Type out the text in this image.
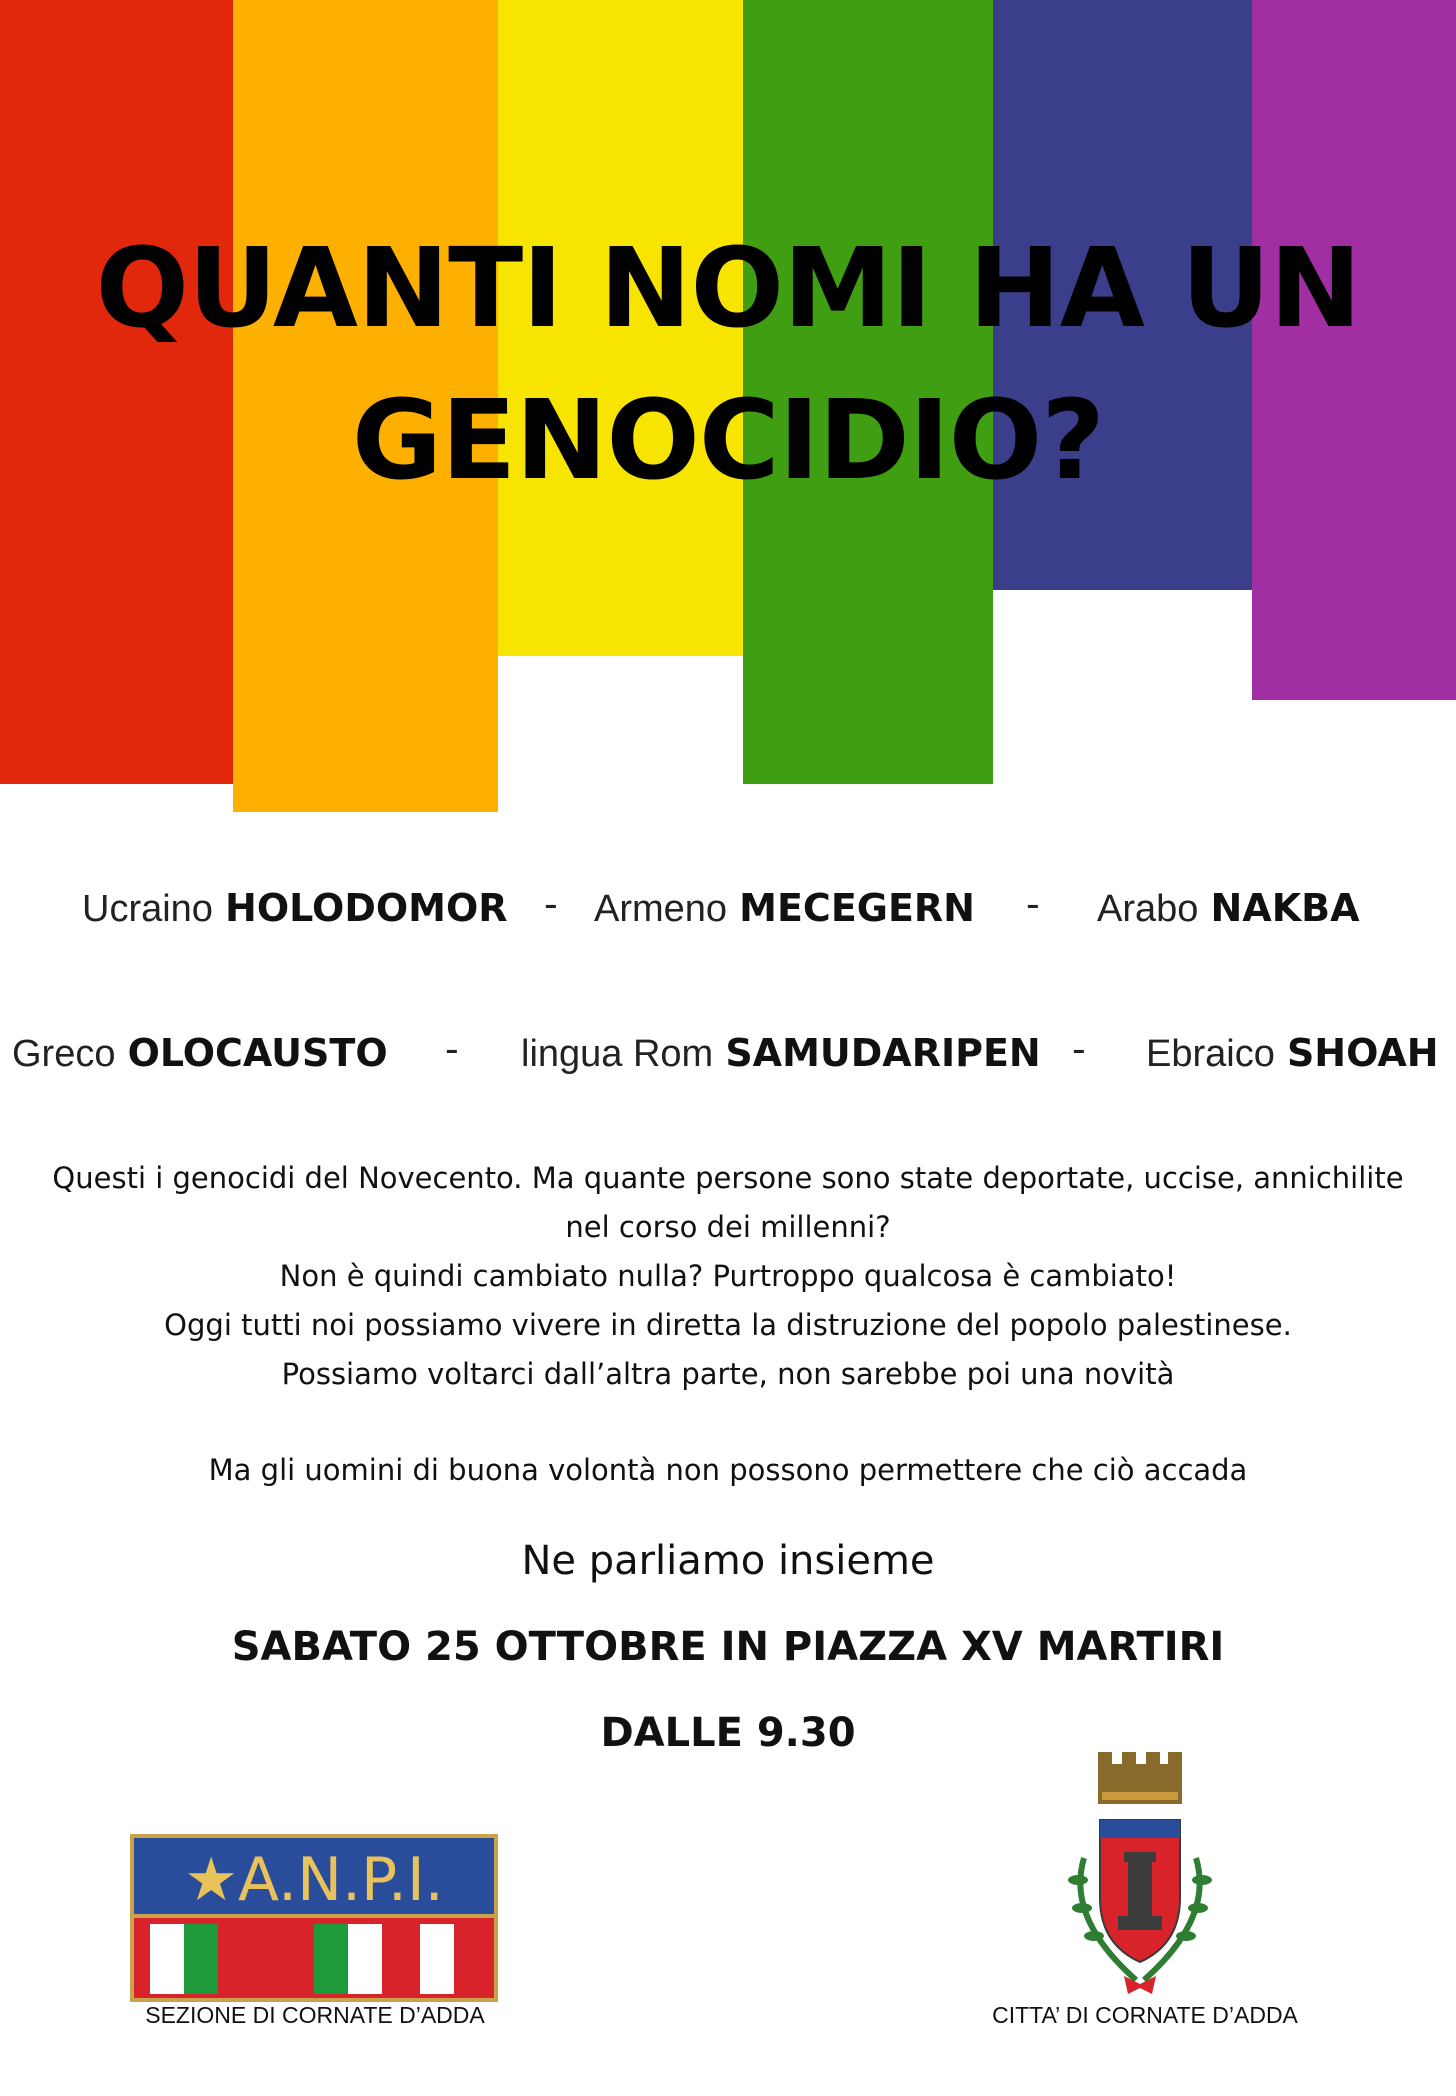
QUANTI NOMI HA UN
GENOCIDIO?
Ucraino HOLODOMOR - Armeno MECEGERN - Arabo NAKBA
Greco OLOCAUSTO - lingua Rom SAMUDARIPEN - Ebraico SHOAH

Questi i genocidi del Novecento. Ma quante persone sono state deportate, uccise, annichilite
nel corso dei millenni?
Non è quindi cambiato nulla? Purtroppo qualcosa è cambiato!
Oggi tutti noi possiamo vivere in diretta la distruzione del popolo palestinese.
Possiamo voltarci dall’altra parte, non sarebbe poi una novità

Ma gli uomini di buona volontà non possono permettere che ciò accada

Ne parliamo insieme

SABATO 25 OTTOBRE IN PIAZZA XV MARTIRI

DALLE 9.30

★A.N.P.I.
SEZIONE DI CORNATE D’ADDA	CITTA’ DI CORNATE D’ADDA
